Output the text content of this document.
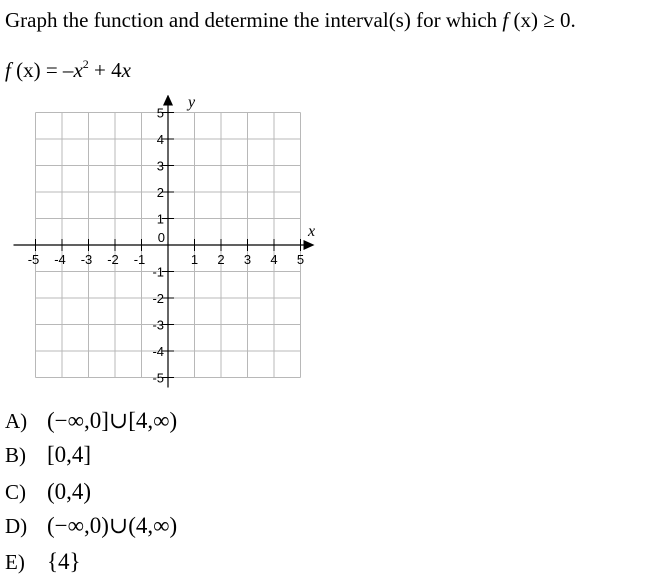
Graph the function and determine the interval(s) for which f (x) ≥ 0.
f $(x) = -x^2 + 4x$
-5 -4 -3 -2 -1	1 2 3 4 5
5
4
3
2
1
-1
-2
-3
-4
-5
0	x
y
A) (−∞,0]∪[4,∞)
B) [0,4]
C) (0,4)
D) (−∞,0)∪(4,∞)
E) {4}
